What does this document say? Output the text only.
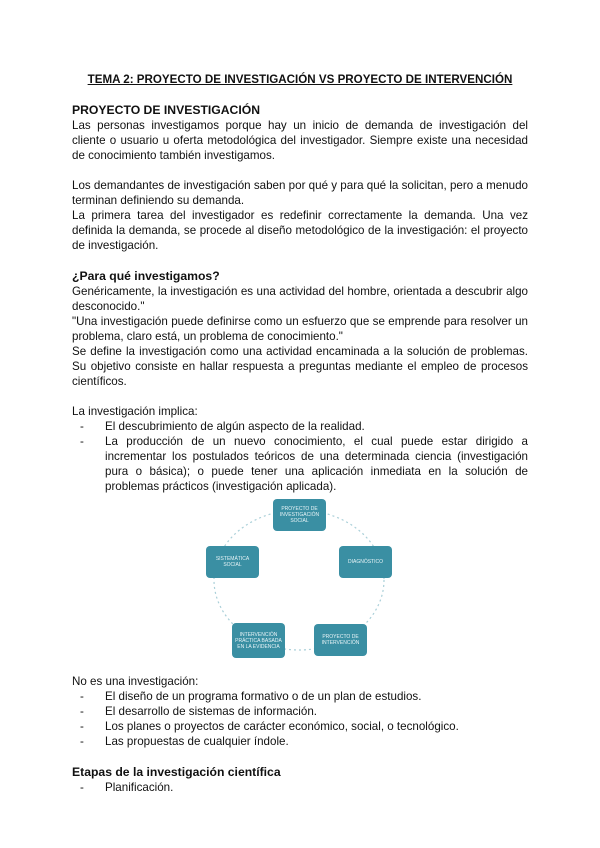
TEMA 2: PROYECTO DE INVESTIGACIÓN VS PROYECTO DE INTERVENCIÓN
PROYECTO DE INVESTIGACIÓN

Las personas investigamos porque hay un inicio de demanda de investigación del cliente o usuario u oferta metodológica del investigador. Siempre existe una necesidad de conocimiento también investigamos.

Los demandantes de investigación saben por qué y para qué la solicitan, pero a menudo terminan definiendo su demanda.

La primera tarea del investigador es redefinir correctamente la demanda. Una vez definida la demanda, se procede al diseño metodológico de la investigación: el proyecto de investigación.

¿Para qué investigamos?

Genéricamente, la investigación es una actividad del hombre, orientada a descubrir algo desconocido."

"Una investigación puede definirse como un esfuerzo que se emprende para resolver un problema, claro está, un problema de conocimiento."

Se define la investigación como una actividad encaminada a la solución de problemas. Su objetivo consiste en hallar respuesta a preguntas mediante el empleo de procesos científicos.

La investigación implica:

- El descubrimiento de algún aspecto de la realidad.
- La producción de un nuevo conocimiento, el cual puede estar dirigido a incrementar los postulados teóricos de una determinada ciencia (investigación pura o básica); o puede tener una aplicación inmediata en la solución de problemas prácticos (investigación aplicada).
PROYECTO DE INVESTIGACIÓN SOCIAL
DIAGNÓSTICO
PROYECTO DE INTERVENCIÓN
INTERVENCIÓN PRÁCTICA BASADA EN LA EVIDENCIA
SISTEMÁTICA SOCIAL

No es una investigación:

- El diseño de un programa formativo o de un plan de estudios.
- El desarrollo de sistemas de información.
- Los planes o proyectos de carácter económico, social, o tecnológico.
- Las propuestas de cualquier índole.
Etapas de la investigación científica
- Planificación.
